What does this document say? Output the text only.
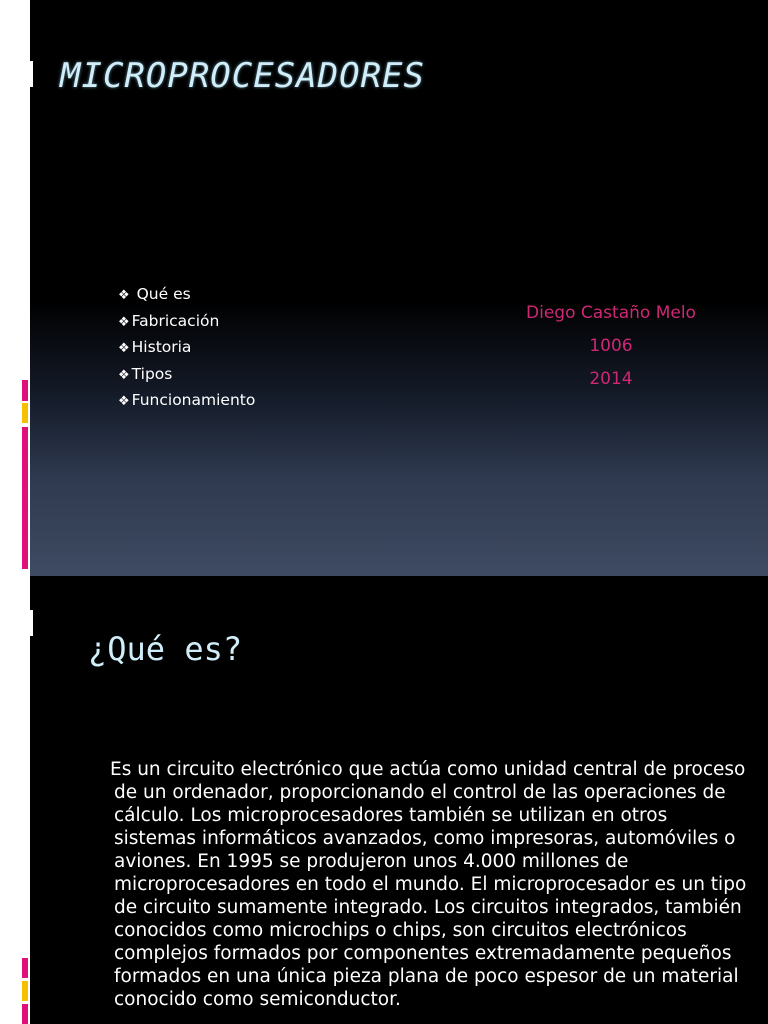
MICROPROCESADORES
❖ Qué es
❖ Fabricación
❖ Historia
❖ Tipos
❖ Funcionamiento
Diego Castaño Melo
1006
2014
¿Qué es?

Es un circuito electrónico que actúa como unidad central de proceso de un ordenador, proporcionando el control de las operaciones de cálculo. Los microprocesadores también se utilizan en otros sistemas informáticos avanzados, como impresoras, automóviles o aviones. En 1995 se produjeron unos 4.000 millones de microprocesadores en todo el mundo. El microprocesador es un tipo de circuito sumamente integrado. Los circuitos integrados, también conocidos como microchips o chips, son circuitos electrónicos complejos formados por componentes extremadamente pequeños formados en una única pieza plana de poco espesor de un material conocido como semiconductor.
